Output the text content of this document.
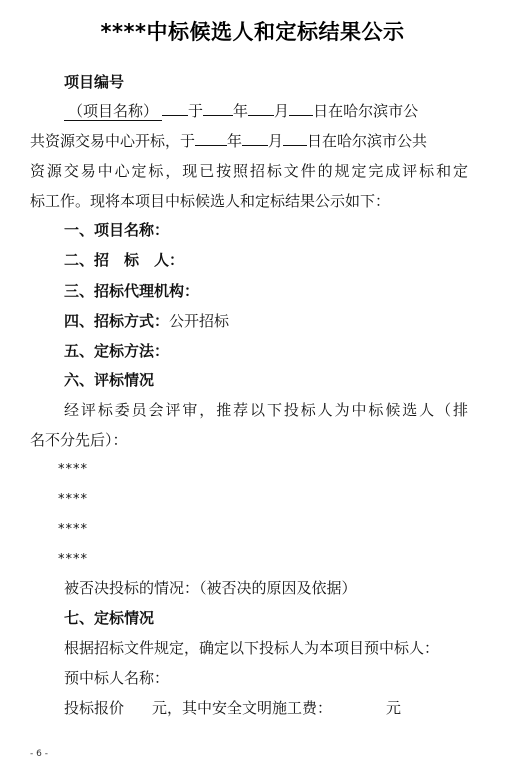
****中标候选人和定标结果公示
项目编号
（项目名称） 于 年 月 日在哈尔滨市公
共资源交易中心开标，于 年 月 日在哈尔滨市公共
资源交易中心定标，现已按照招标文件的规定完成评标和定
标工作。现将本项目中标候选人和定标结果公示如下：
一、项目名称：
二、招　标　人：
三、招标代理机构：
四、招标方式：公开招标
五、定标方法：
六、评标情况
经评标委员会评审，推荐以下投标人为中标候选人（排
名不分先后）：
****
****
****
****
被否决投标的情况：（被否决的原因及依据）
七、定标情况
根据招标文件规定，确定以下投标人为本项目预中标人：
预中标人名称：
投标报价 元，其中安全文明施工费：	元
- 6 -
